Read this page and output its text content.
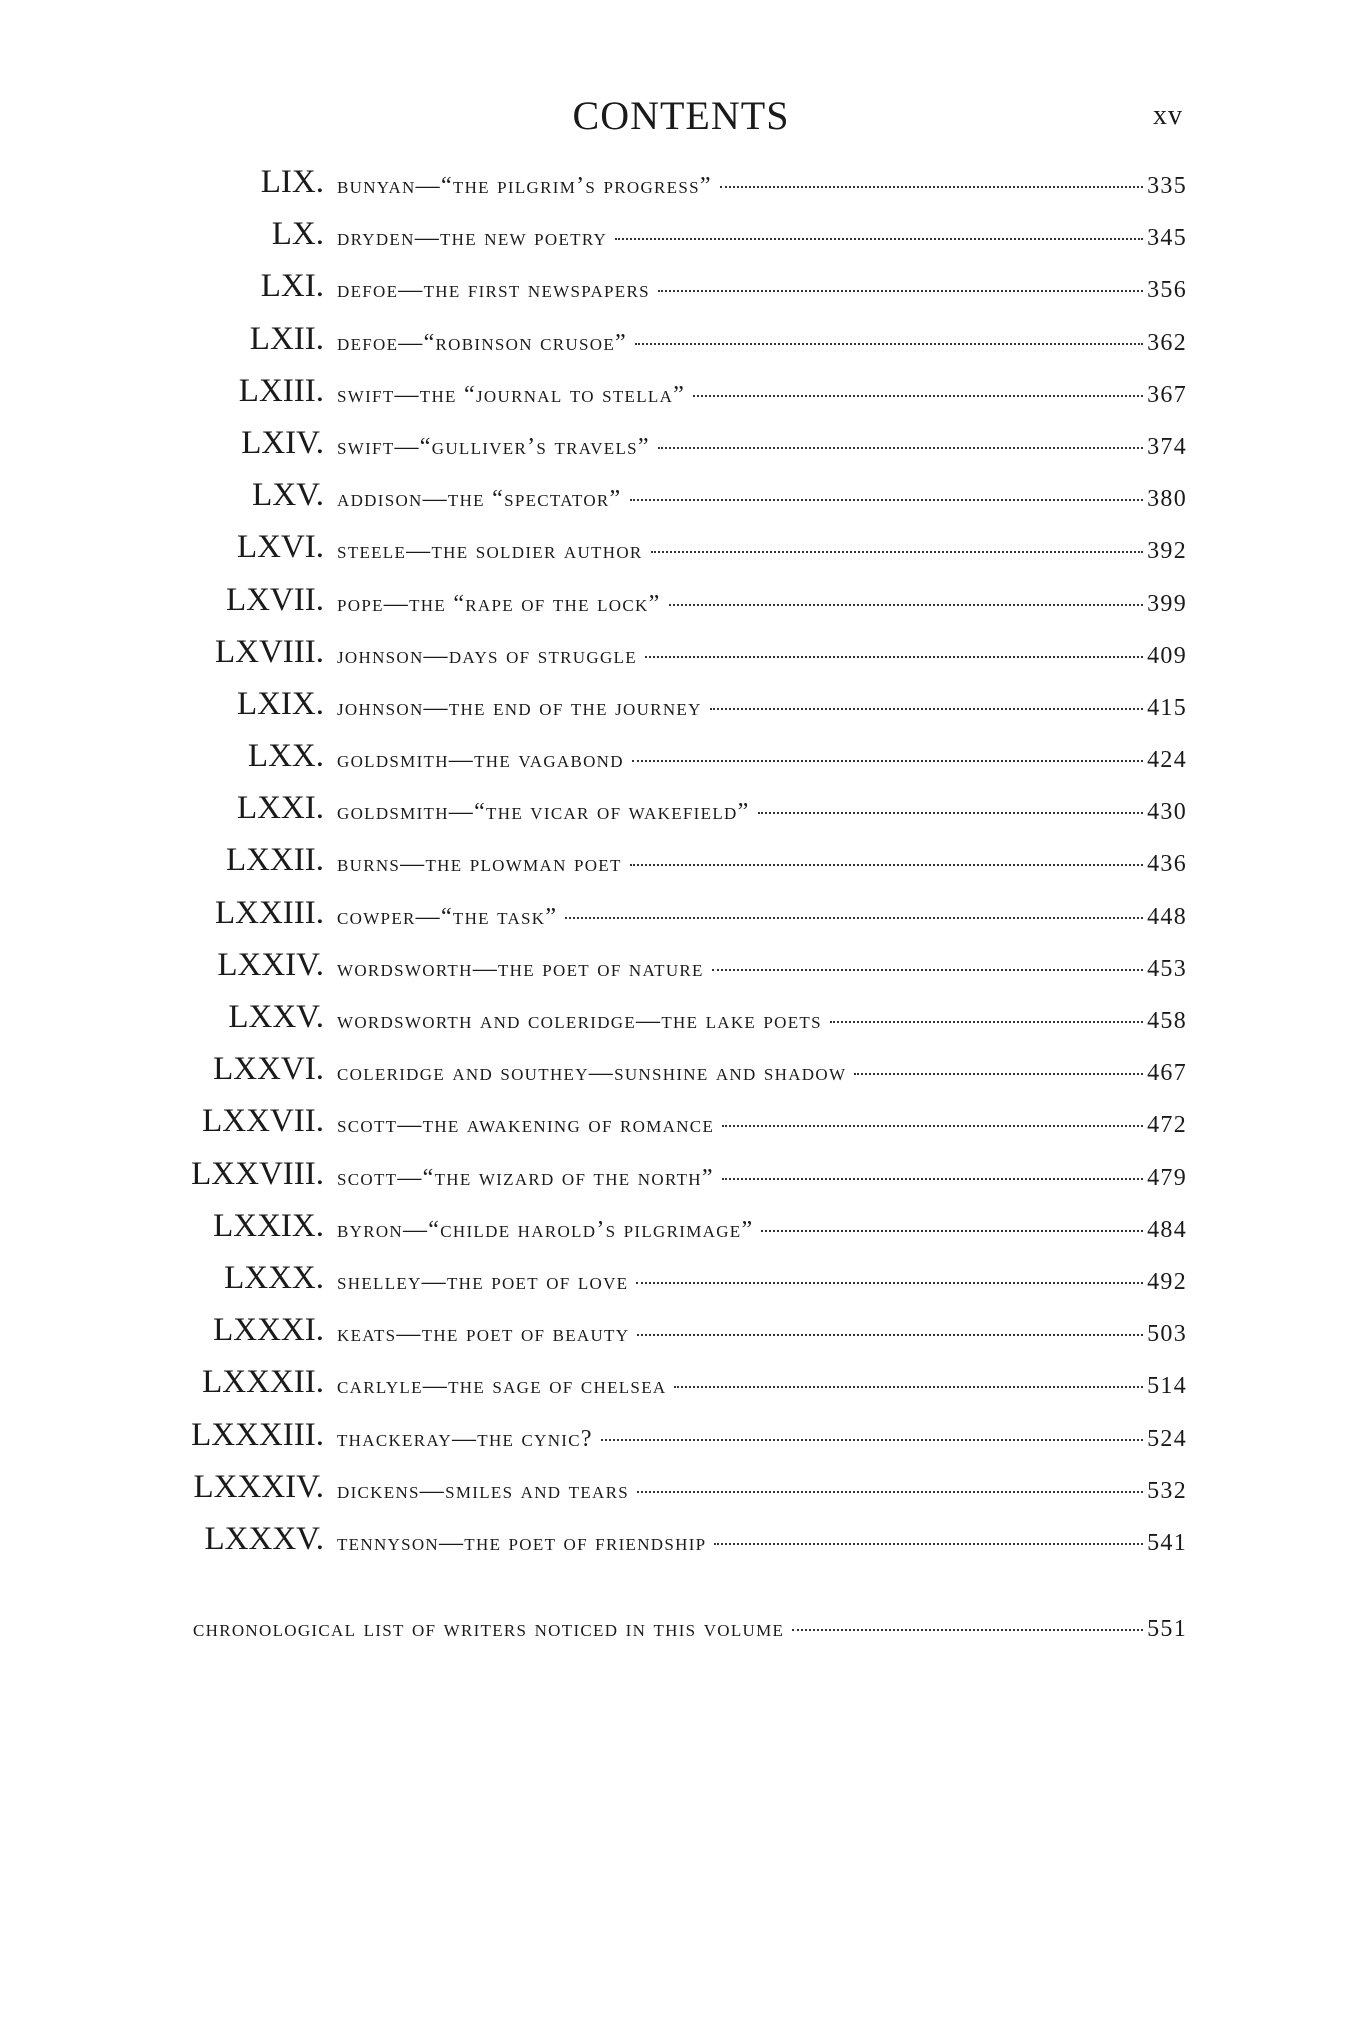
CONTENTS	xv
LIX. bunyan—“the pilgrim’s progress”	335
LX. dryden—the new poetry	345
LXI. defoe—the first newspapers	356
LXII. defoe—“robinson crusoe”	362
LXIII. swift—the “journal to stella”	367
LXIV. swift—“gulliver’s travels”	374
LXV. addison—the “spectator”	380
LXVI. steele—the soldier author	392
LXVII. pope—the “rape of the lock”	399
LXVIII. johnson—days of struggle	409
LXIX. johnson—the end of the journey	415
LXX. goldsmith—the vagabond	424
LXXI. goldsmith—“the vicar of wakefield”	430
LXXII. burns—the plowman poet	436
LXXIII. cowper—“the task”	448
LXXIV. wordsworth—the poet of nature	453
LXXV. wordsworth and coleridge—the lake poets	458
LXXVI. coleridge and southey—sunshine and shadow	467
LXXVII. scott—the awakening of romance	472
LXXVIII. scott—“the wizard of the north”	479
LXXIX. byron—“childe harold’s pilgrimage”	484
LXXX. shelley—the poet of love	492
LXXXI. keats—the poet of beauty	503
LXXXII. carlyle—the sage of chelsea	514
LXXXIII. thackeray—the cynic?	524
LXXXIV. dickens—smiles and tears	532
LXXXV. tennyson—the poet of friendship	541
chronological list of writers noticed in this volume	551
